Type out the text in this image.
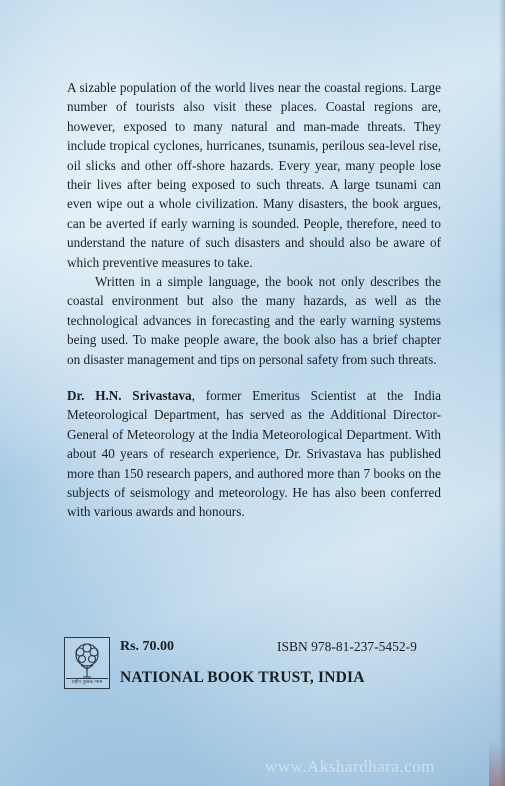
A sizable population of the world lives near the coastal regions. Large number of tourists also visit these places. Coastal regions are, however, exposed to many natural and man-made threats. They include tropical cyclones, hurricanes, tsunamis, perilous sea-level rise, oil slicks and other off-shore hazards. Every year, many people lose their lives after being exposed to such threats. A large tsunami can even wipe out a whole civilization. Many disasters, the book argues, can be averted if early warning is sounded. People, therefore, need to understand the nature of such disasters and should also be aware of which preventive measures to take.

Written in a simple language, the book not only describes the coastal environment but also the many hazards, as well as the technological advances in forecasting and the early warning systems being used. To make people aware, the book also has a brief chapter on disaster management and tips on personal safety from such threats.

Dr. H.N. Srivastava, former Emeritus Scientist at the India Meteorological Department, has served as the Additional Director-General of Meteorology at the India Meteorological Department. With about 40 years of research experience, Dr. Srivastava has published more than 150 research papers, and authored more than 7 books on the subjects of seismology and meteorology. He has also been conferred with various awards and honours.

राष्ट्रीय पुस्तक न्यास
Rs. 70.00	ISBN 978-81-237-5452-9
NATIONAL BOOK TRUST, INDIA
www.Akshardhara.com
